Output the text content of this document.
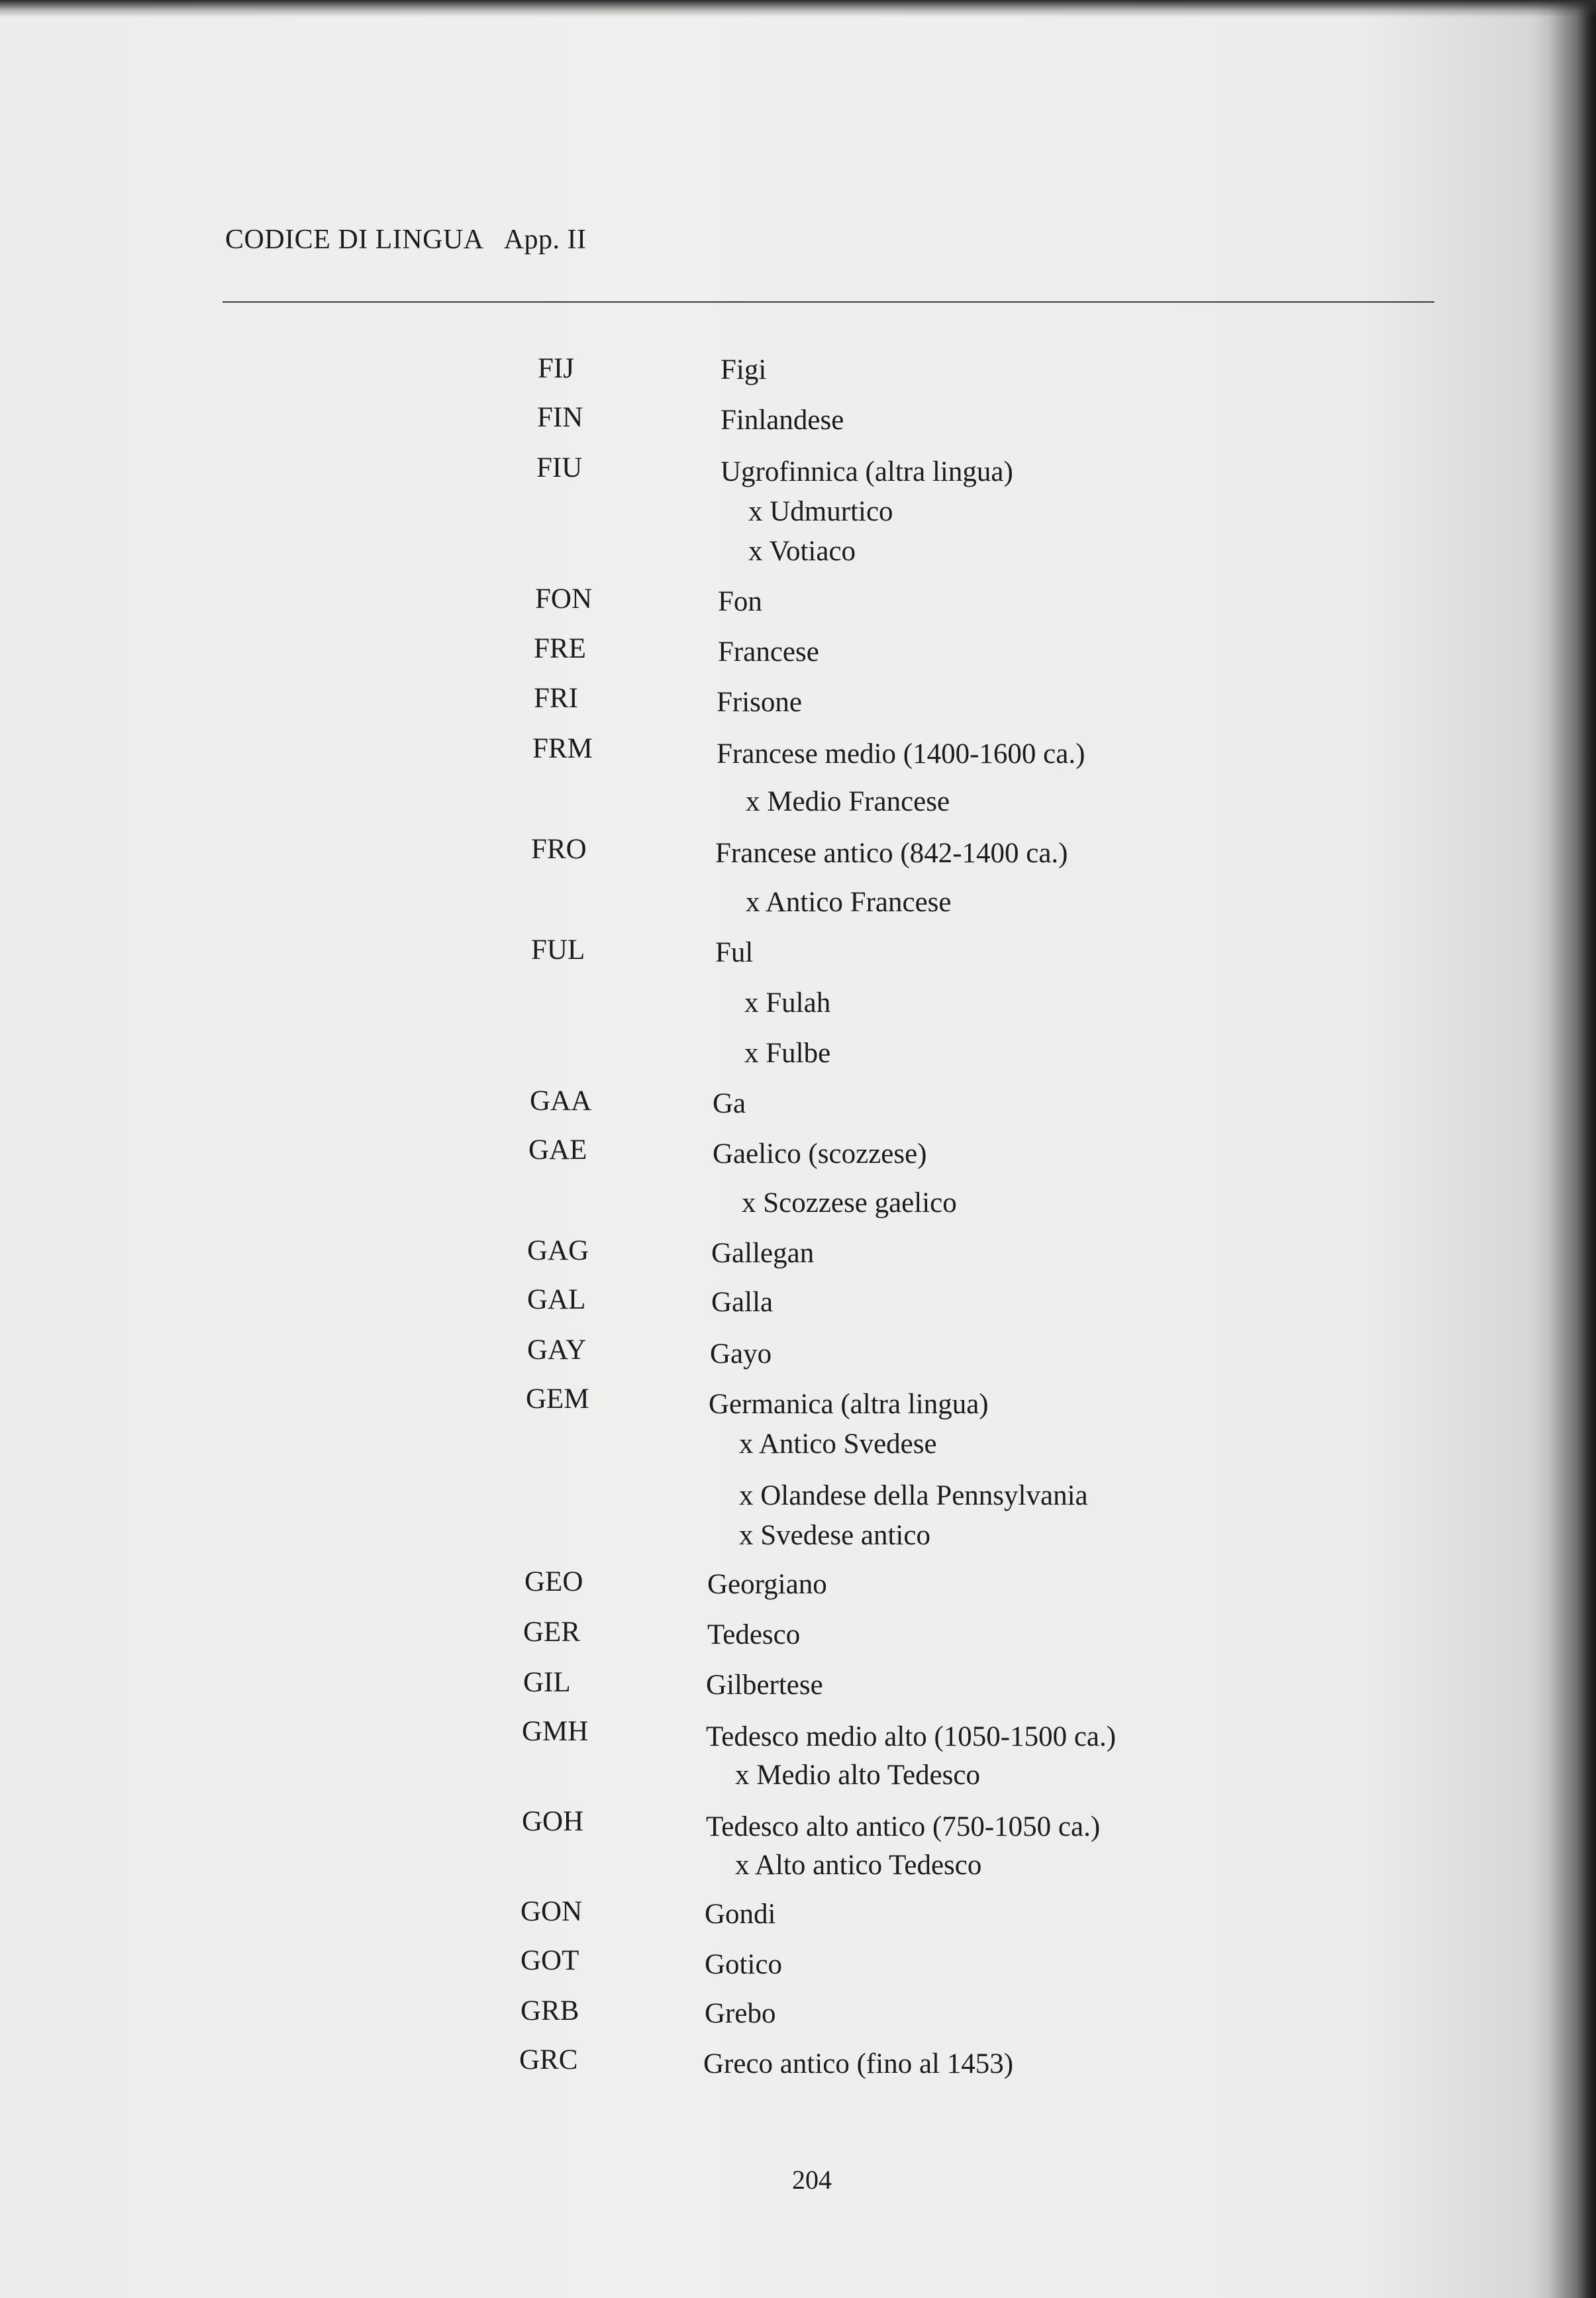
CODICE DI LINGUA App. II
FIJ	Figi
FIN	Finlandese
FIU	Ugrofinnica (altra lingua)
x Udmurtico
x Votiaco
FON	Fon
FRE	Francese
FRI	Frisone
FRM	Francese medio (1400-1600 ca.)
x Medio Francese
FRO	Francese antico (842-1400 ca.)
x Antico Francese
FUL	Ful
x Fulah
x Fulbe
GAA	Ga
GAE	Gaelico (scozzese)
x Scozzese gaelico
GAG	Gallegan
GAL	Galla
GAY	Gayo
GEM	Germanica (altra lingua)
x Antico Svedese
x Olandese della Pennsylvania
x Svedese antico
GEO	Georgiano
GER	Tedesco
GIL	Gilbertese
GMH	Tedesco medio alto (1050-1500 ca.)
x Medio alto Tedesco
GOH	Tedesco alto antico (750-1050 ca.)
x Alto antico Tedesco
GON	Gondi
GOT	Gotico
GRB	Grebo
GRC	Greco antico (fino al 1453)
204
